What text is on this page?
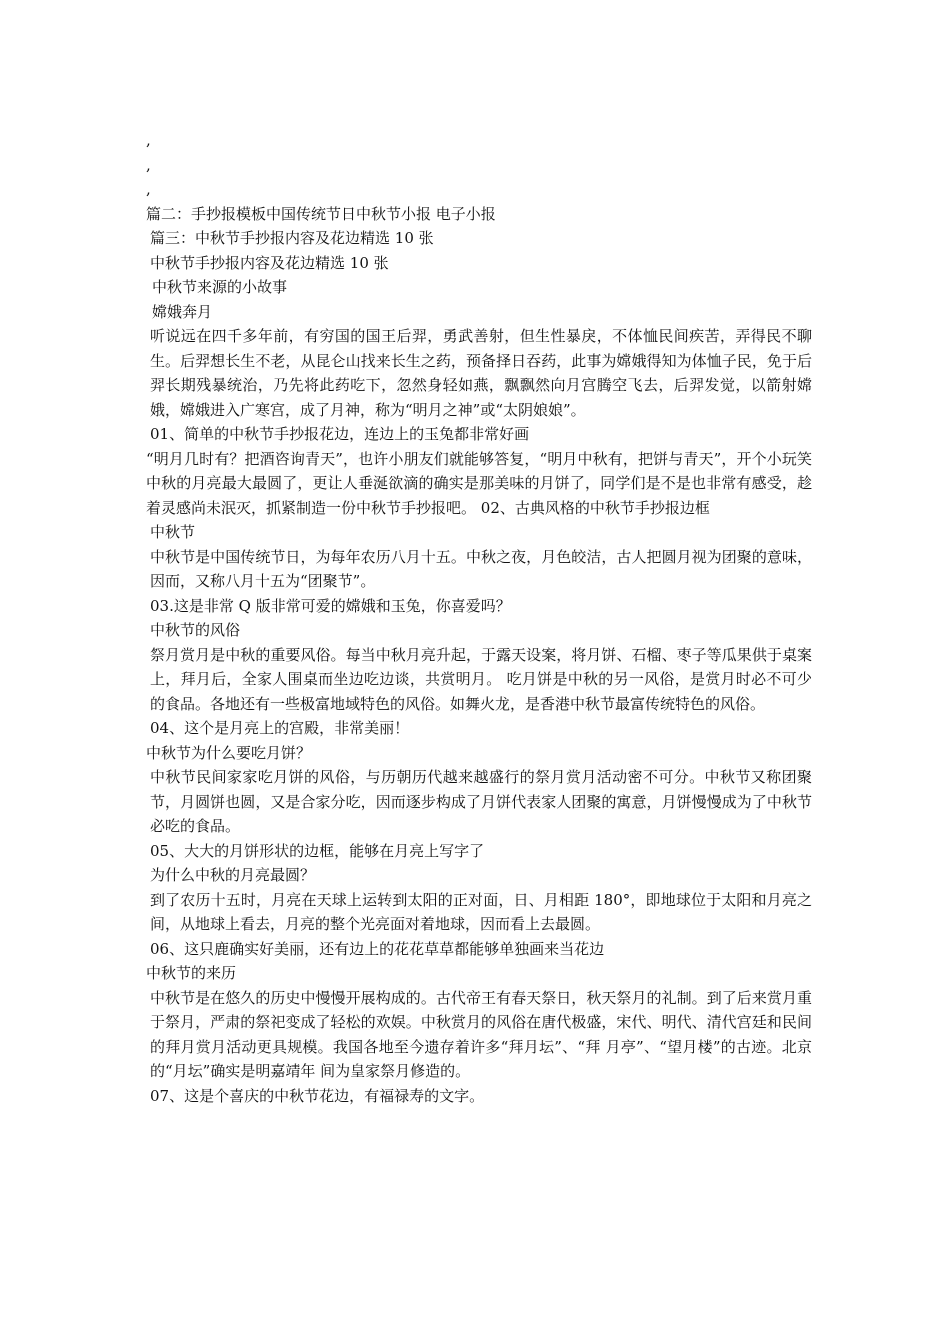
,

,

,

篇二：手抄报模板中国传统节日中秋节小报 电子小报

篇三：中秋节手抄报内容及花边精选 10 张

中秋节手抄报内容及花边精选 10 张

中秋节来源的小故事

嫦娥奔月

听说远在四千多年前，有穷国的国王后羿，勇武善射，但生性暴戾，不体恤民间疾苦，弄得民不聊生。后羿想长生不老，从昆仑山找来长生之药，预备择日吞药，此事为嫦娥得知为体恤子民，免于后羿长期残暴统治，乃先将此药吃下，忽然身轻如燕，飘飘然向月宫腾空飞去，后羿发觉，以箭射嫦娥，嫦娥进入广寒宫，成了月神，称为“明月之神”或“太阴娘娘”。

01、简单的中秋节手抄报花边，连边上的玉兔都非常好画

“明月几时有？把酒咨询青天”，也许小朋友们就能够答复，“明月中秋有，把饼与青天”，开个小玩笑中秋的月亮最大最圆了，更让人垂涎欲滴的确实是那美味的月饼了，同学们是不是也非常有感受，趁着灵感尚未泯灭，抓紧制造一份中秋节手抄报吧。 02、古典风格的中秋节手抄报边框

中秋节

中秋节是中国传统节日，为每年农历八月十五。中秋之夜，月色皎洁，古人把圆月视为团聚的意味，因而，又称八月十五为“团聚节”。

03.这是非常 Q 版非常可爱的嫦娥和玉兔，你喜爱吗？

中秋节的风俗

祭月赏月是中秋的重要风俗。每当中秋月亮升起，于露天设案，将月饼、石榴、枣子等瓜果供于桌案上，拜月后，全家人围桌而坐边吃边谈，共赏明月。 吃月饼是中秋的另一风俗，是赏月时必不可少的食品。各地还有一些极富地域特色的风俗。如舞火龙，是香港中秋节最富传统特色的风俗。

04、这个是月亮上的宫殿，非常美丽！

中秋节为什么要吃月饼？

中秋节民间家家吃月饼的风俗，与历朝历代越来越盛行的祭月赏月活动密不可分。中秋节又称团聚节，月圆饼也圆，又是合家分吃，因而逐步构成了月饼代表家人团聚的寓意，月饼慢慢成为了中秋节必吃的食品。

05、大大的月饼形状的边框，能够在月亮上写字了

为什么中秋的月亮最圆？

到了农历十五时，月亮在天球上运转到太阳的正对面，日、月相距 180°，即地球位于太阳和月亮之间，从地球上看去，月亮的整个光亮面对着地球，因而看上去最圆。

06、这只鹿确实好美丽，还有边上的花花草草都能够单独画来当花边

中秋节的来历

中秋节是在悠久的历史中慢慢开展构成的。古代帝王有春天祭日，秋天祭月的礼制。到了后来赏月重于祭月，严肃的祭祀变成了轻松的欢娱。中秋赏月的风俗在唐代极盛，宋代、明代、清代宫廷和民间的拜月赏月活动更具规模。我国各地至今遗存着许多“拜月坛”、“拜 月亭”、“望月楼”的古迹。北京的“月坛”确实是明嘉靖年 间为皇家祭月修造的。

07、这是个喜庆的中秋节花边，有福禄寿的文字。
